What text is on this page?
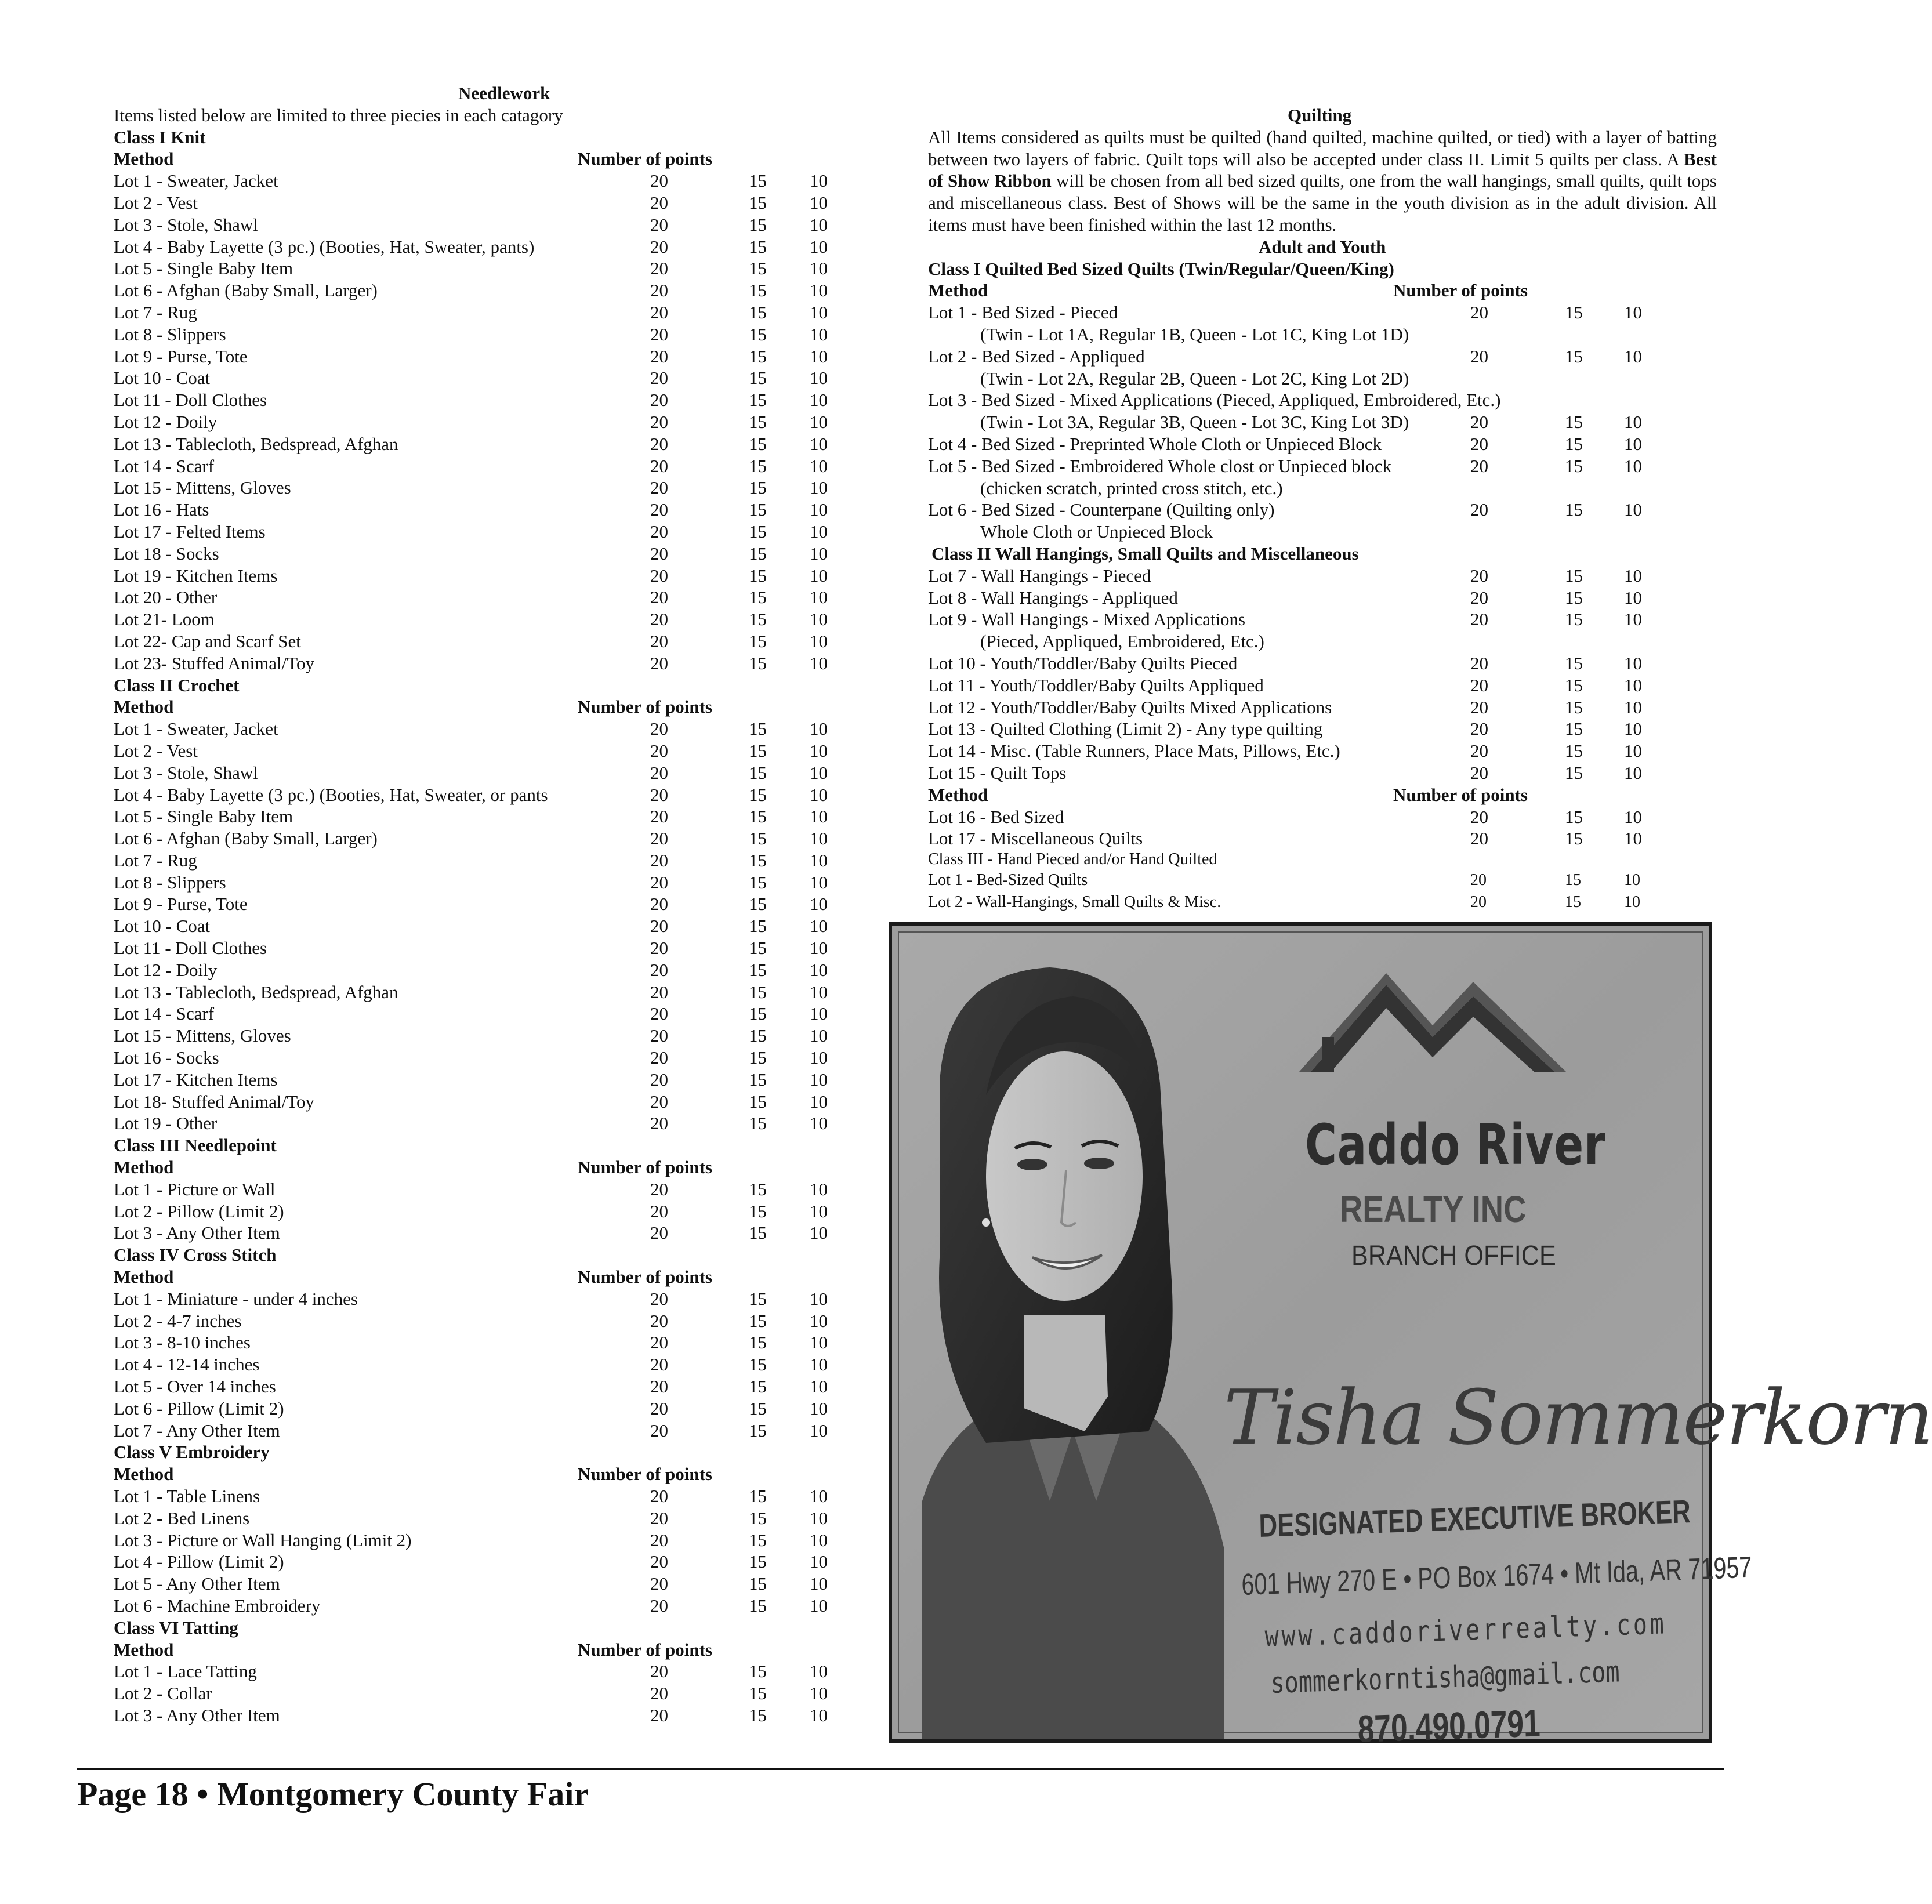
Needlework
Items listed below are limited to three piecies in each catagory
Class I Knit
Method	Number of points
Lot 1 - Sweater, Jacket	20	15 10
Lot 2 - Vest	20	15 10
Lot 3 - Stole, Shawl	20	15 10
Lot 4 - Baby Layette (3 pc.) (Booties, Hat, Sweater, pants)	20	15 10
Lot 5 - Single Baby Item	20	15 10
Lot 6 - Afghan (Baby Small, Larger)	20	15 10
Lot 7 - Rug	20	15 10
Lot 8 - Slippers	20	15 10
Lot 9 - Purse, Tote	20	15 10
Lot 10 - Coat	20	15 10
Lot 11 - Doll Clothes	20	15 10
Lot 12 - Doily	20	15 10
Lot 13 - Tablecloth, Bedspread, Afghan	20	15 10
Lot 14 - Scarf	20	15 10
Lot 15 - Mittens, Gloves	20	15 10
Lot 16 - Hats	20	15 10
Lot 17 - Felted Items	20	15 10
Lot 18 - Socks	20	15 10
Lot 19 - Kitchen Items	20	15 10
Lot 20 - Other	20	15 10
Lot 21- Loom	20	15 10
Lot 22- Cap and Scarf Set	20	15 10
Lot 23- Stuffed Animal/Toy	20	15 10
Class II Crochet
Method	Number of points
Lot 1 - Sweater, Jacket	20	15 10
Lot 2 - Vest	20	15 10
Lot 3 - Stole, Shawl	20	15 10
Lot 4 - Baby Layette (3 pc.) (Booties, Hat, Sweater, or pants	20	15 10
Lot 5 - Single Baby Item	20	15 10
Lot 6 - Afghan (Baby Small, Larger)	20	15 10
Lot 7 - Rug	20	15 10
Lot 8 - Slippers	20	15 10
Lot 9 - Purse, Tote	20	15 10
Lot 10 - Coat	20	15 10
Lot 11 - Doll Clothes	20	15 10
Lot 12 - Doily	20	15 10
Lot 13 - Tablecloth, Bedspread, Afghan	20	15 10
Lot 14 - Scarf	20	15 10
Lot 15 - Mittens, Gloves	20	15 10
Lot 16 - Socks	20	15 10
Lot 17 - Kitchen Items	20	15 10
Lot 18- Stuffed Animal/Toy	20	15 10
Lot 19 - Other	20	15 10
Class III Needlepoint
Method	Number of points
Lot 1 - Picture or Wall	20	15 10
Lot 2 - Pillow (Limit 2)	20	15 10
Lot 3 - Any Other Item	20	15 10
Class IV Cross Stitch
Method	Number of points
Lot 1 - Miniature - under 4 inches	20	15 10
Lot 2 - 4-7 inches	20	15 10
Lot 3 - 8-10 inches	20	15 10
Lot 4 - 12-14 inches	20	15 10
Lot 5 - Over 14 inches	20	15 10
Lot 6 - Pillow (Limit 2)	20	15 10
Lot 7 - Any Other Item	20	15 10
Class V Embroidery
Method	Number of points
Lot 1 - Table Linens	20	15 10
Lot 2 - Bed Linens	20	15 10
Lot 3 - Picture or Wall Hanging (Limit 2)	20	15 10
Lot 4 - Pillow (Limit 2)	20	15 10
Lot 5 - Any Other Item	20	15 10
Lot 6 - Machine Embroidery	20	15 10
Class VI Tatting
Method	Number of points
Lot 1 - Lace Tatting	20	15 10
Lot 2 - Collar	20	15 10
Lot 3 - Any Other Item	20	15 10
Quilting
All Items considered as quilts must be quilted (hand quilted, machine quilted, or tied) with a layer of batting between two layers of fabric. Quilt tops will also be accepted under class II. Limit 5 quilts per class. A Best of Show Ribbon will be chosen from all bed sized quilts, one from the wall hangings, small quilts, quilt tops and miscellaneous class. Best of Shows will be the same in the youth division as in the adult division. All items must have been finished within the last 12 months.
Adult and Youth
Class I Quilted Bed Sized Quilts (Twin/Regular/Queen/King)
Method	Number of points
Lot 1 - Bed Sized - Pieced	20	15 10
(Twin - Lot 1A, Regular 1B, Queen - Lot 1C, King Lot 1D)
Lot 2 - Bed Sized - Appliqued	20	15 10
(Twin - Lot 2A, Regular 2B, Queen - Lot 2C, King Lot 2D)
Lot 3 - Bed Sized - Mixed Applications (Pieced, Appliqued, Embroidered, Etc.)
(Twin - Lot 3A, Regular 3B, Queen - Lot 3C, King Lot 3D)	20	15 10
Lot 4 - Bed Sized - Preprinted Whole Cloth or Unpieced Block	20	15 10
Lot 5 - Bed Sized - Embroidered Whole clost or Unpieced block	20	15 10
(chicken scratch, printed cross stitch, etc.)
Lot 6 - Bed Sized - Counterpane (Quilting only)	20	15 10
Whole Cloth or Unpieced Block
Class II Wall Hangings, Small Quilts and Miscellaneous
Lot 7 - Wall Hangings - Pieced	20	15 10
Lot 8 - Wall Hangings - Appliqued	20	15 10
Lot 9 - Wall Hangings - Mixed Applications	20	15 10
(Pieced, Appliqued, Embroidered, Etc.)
Lot 10 - Youth/Toddler/Baby Quilts Pieced	20	15 10
Lot 11 - Youth/Toddler/Baby Quilts Appliqued	20	15 10
Lot 12 - Youth/Toddler/Baby Quilts Mixed Applications	20	15 10
Lot 13 - Quilted Clothing (Limit 2) - Any type quilting	20	15 10
Lot 14 - Misc. (Table Runners, Place Mats, Pillows, Etc.)	20	15 10
Lot 15 - Quilt Tops	20	15 10
Method	Number of points
Lot 16 - Bed Sized	20	15 10
Lot 17 - Miscellaneous Quilts	20	15 10
Class III - Hand Pieced and/or Hand Quilted
Lot 1 - Bed-Sized Quilts	20	15	10
Lot 2 - Wall-Hangings, Small Quilts & Misc.	20	15	10
Caddo River
REALTY INC
BRANCH OFFICE
Tisha Sommerkorn
DESIGNATED EXECUTIVE BROKER
601 Hwy 270 E • PO Box 1674 • Mt Ida, AR 71957
www.caddoriverrealty.com
sommerkorntisha@gmail.com
870.490.0791
Page 18 • Montgomery County Fair
